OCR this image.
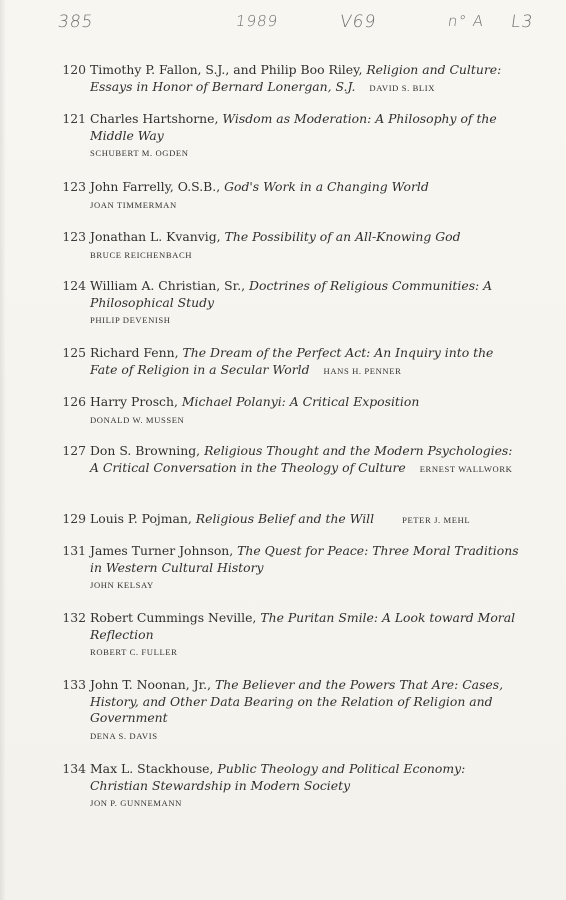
385	1989	V69	n° A L3
120 Timothy P. Fallon, S.J., and Philip Boo Riley, Religion and Culture: Essays in Honor of Bernard Lonergan, S.J. DAVID S. BLIX
121 Charles Hartshorne, Wisdom as Moderation: A Philosophy of the Middle Way
SCHUBERT M. OGDEN
123 John Farrelly, O.S.B., God's Work in a Changing World
JOAN TIMMERMAN
123 Jonathan L. Kvanvig, The Possibility of an All-Knowing God
BRUCE REICHENBACH
124 William A. Christian, Sr., Doctrines of Religious Communities: A Philosophical Study
PHILIP DEVENISH
125 Richard Fenn, The Dream of the Perfect Act: An Inquiry into the Fate of Religion in a Secular World HANS H. PENNER
126 Harry Prosch, Michael Polanyi: A Critical Exposition
DONALD W. MUSSEN
127 Don S. Browning, Religious Thought and the Modern Psychologies: A Critical Conversation in the Theology of Culture ERNEST WALLWORK
129 Louis P. Pojman, Religious Belief and the Will	PETER J. MEHL
131 James Turner Johnson, The Quest for Peace: Three Moral Traditions in Western Cultural History
JOHN KELSAY
132 Robert Cummings Neville, The Puritan Smile: A Look toward Moral Reflection
ROBERT C. FULLER
133 John T. Noonan, Jr., The Believer and the Powers That Are: Cases, History, and Other Data Bearing on the Relation of Religion and Government
DENA S. DAVIS
134 Max L. Stackhouse, Public Theology and Political Economy: Christian Stewardship in Modern Society
JON P. GUNNEMANN
